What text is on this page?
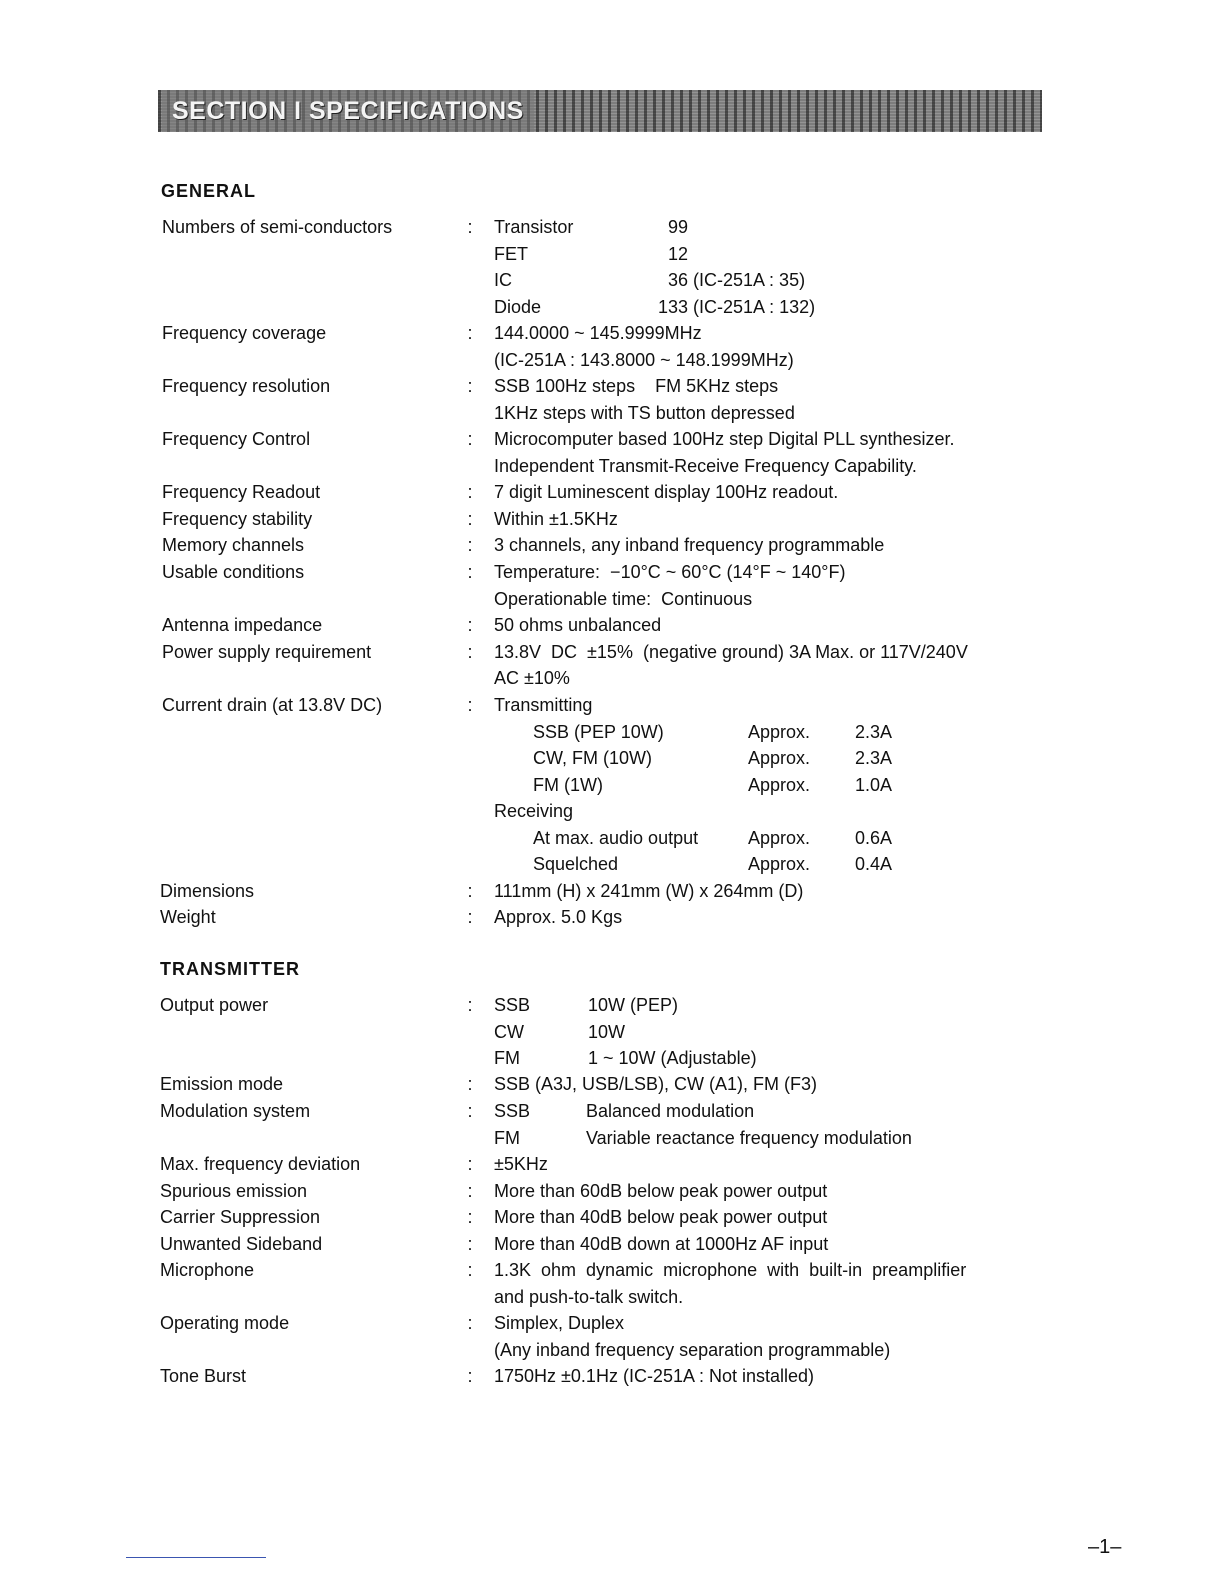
SECTION I SPECIFICATIONS
GENERAL
Numbers of semi-conductors	: Transistor	99
FET	12
IC	36 (IC-251A : 35)
Diode	133 (IC-251A : 132)
Frequency coverage	: 144.0000 ~ 145.9999MHz
(IC-251A : 143.8000 ~ 148.1999MHz)
Frequency resolution	: SSB 100Hz steps    FM 5KHz steps
1KHz steps with TS button depressed
Frequency Control	: Microcomputer based 100Hz step Digital PLL synthesizer.
Independent Transmit-Receive Frequency Capability.
Frequency Readout	: 7 digit Luminescent display 100Hz readout.
Frequency stability	: Within ±1.5KHz
Memory channels	: 3 channels, any inband frequency programmable
Usable conditions	: Temperature:  −10°C ~ 60°C (14°F ~ 140°F)
Operationable time:  Continuous
Antenna impedance	: 50 ohms unbalanced
Power supply requirement	: 13.8V  DC  ±15%  (negative ground) 3A Max. or 117V/240V
AC ±10%
Current drain (at 13.8V DC)	: Transmitting
SSB (PEP 10W)	Approx. 2.3A
CW, FM (10W)	Approx. 2.3A
FM (1W)	Approx. 1.0A
Receiving
At max. audio output	Approx. 0.6A
Squelched	Approx. 0.4A
Dimensions	: 111mm (H) x 241mm (W) x 264mm (D)
Weight	: Approx. 5.0 Kgs
TRANSMITTER
Output power	: SSB	10W (PEP)
CW	10W
FM	1 ~ 10W (Adjustable)
Emission mode	: SSB (A3J, USB/LSB), CW (A1), FM (F3)
Modulation system	: SSB	Balanced modulation
FM	Variable reactance frequency modulation
Max. frequency deviation	: ±5KHz
Spurious emission	: More than 60dB below peak power output
Carrier Suppression	: More than 40dB below peak power output
Unwanted Sideband	: More than 40dB down at 1000Hz AF input
Microphone	: 1.3K  ohm  dynamic  microphone  with  built-in  preamplifier
and push-to-talk switch.
Operating mode	: Simplex, Duplex
(Any inband frequency separation programmable)
Tone Burst	: 1750Hz ±0.1Hz (IC-251A : Not installed)
–1–
